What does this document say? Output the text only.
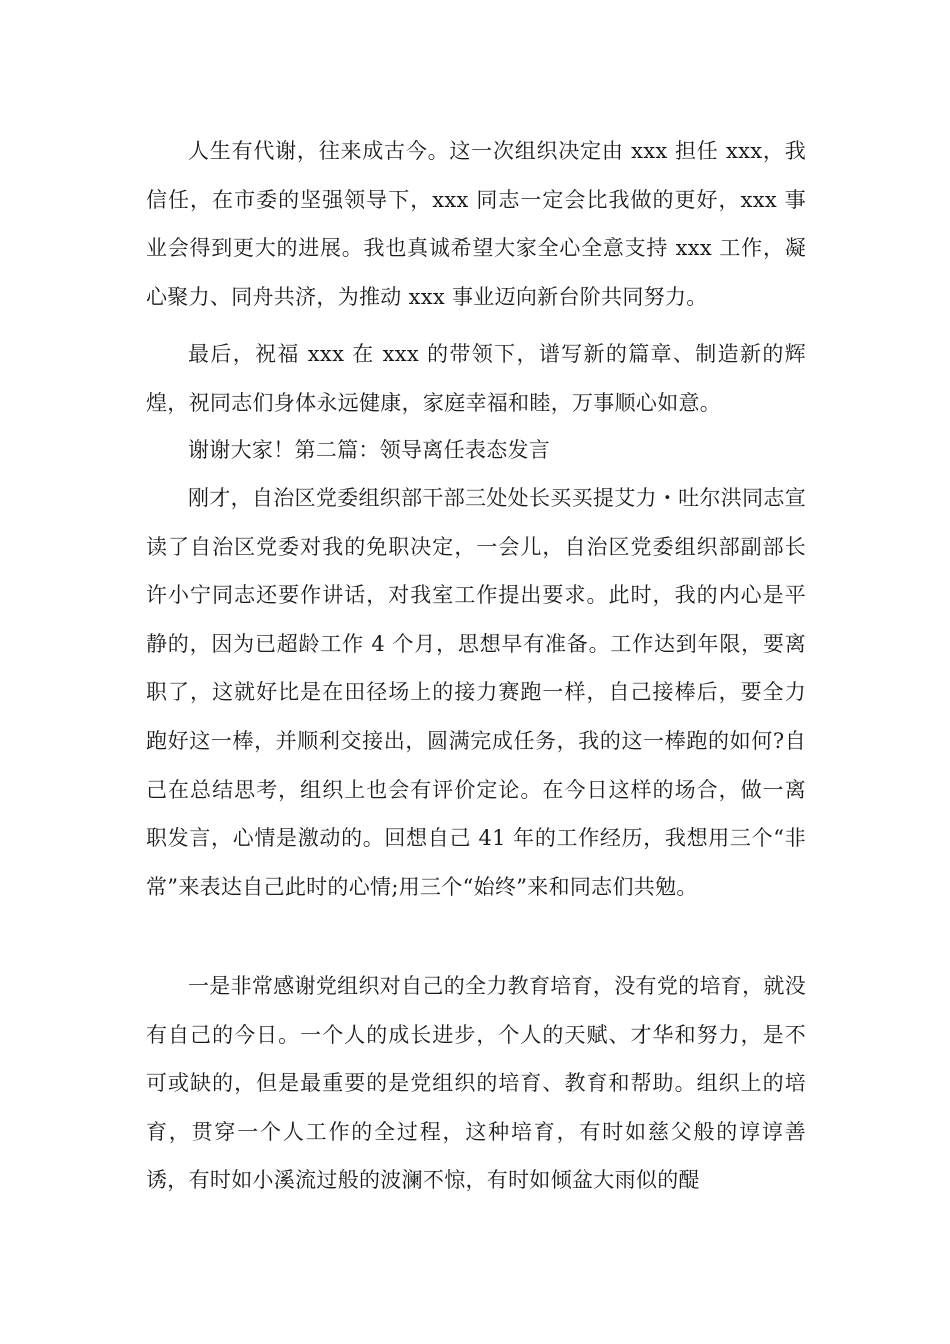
人生有代谢，往来成古今。这一次组织决定由 xxx 担任 xxx，我信任，在市委的坚强领导下，xxx 同志一定会比我做的更好，xxx 事业会得到更大的进展。我也真诚希望大家全心全意支持 xxx 工作，凝心聚力、同舟共济，为推动 xxx 事业迈向新台阶共同努力。

最后，祝福 xxx 在 xxx 的带领下，谱写新的篇章、制造新的辉煌，祝同志们身体永远健康，家庭幸福和睦，万事顺心如意。

谢谢大家！第二篇：领导离任表态发言

刚才，自治区党委组织部干部三处处长买买提艾力・吐尔洪同志宣读了自治区党委对我的免职决定，一会儿，自治区党委组织部副部长许小宁同志还要作讲话，对我室工作提出要求。此时，我的内心是平静的，因为已超龄工作 4 个月，思想早有准备。工作达到年限，要离职了，这就好比是在田径场上的接力赛跑一样，自己接棒后，要全力跑好这一棒，并顺利交接出，圆满完成任务，我的这一棒跑的如何?自己在总结思考，组织上也会有评价定论。在今日这样的场合，做一离职发言，心情是激动的。回想自己 41 年的工作经历，我想用三个“非常”来表达自己此时的心情;用三个“始终”来和同志们共勉。

一是非常感谢党组织对自己的全力教育培育，没有党的培育，就没有自己的今日。一个人的成长进步，个人的天赋、才华和努力，是不可或缺的，但是最重要的是党组织的培育、教育和帮助。组织上的培育，贯穿一个人工作的全过程，这种培育，有时如慈父般的谆谆善诱，有时如小溪流过般的波澜不惊，有时如倾盆大雨似的醍
